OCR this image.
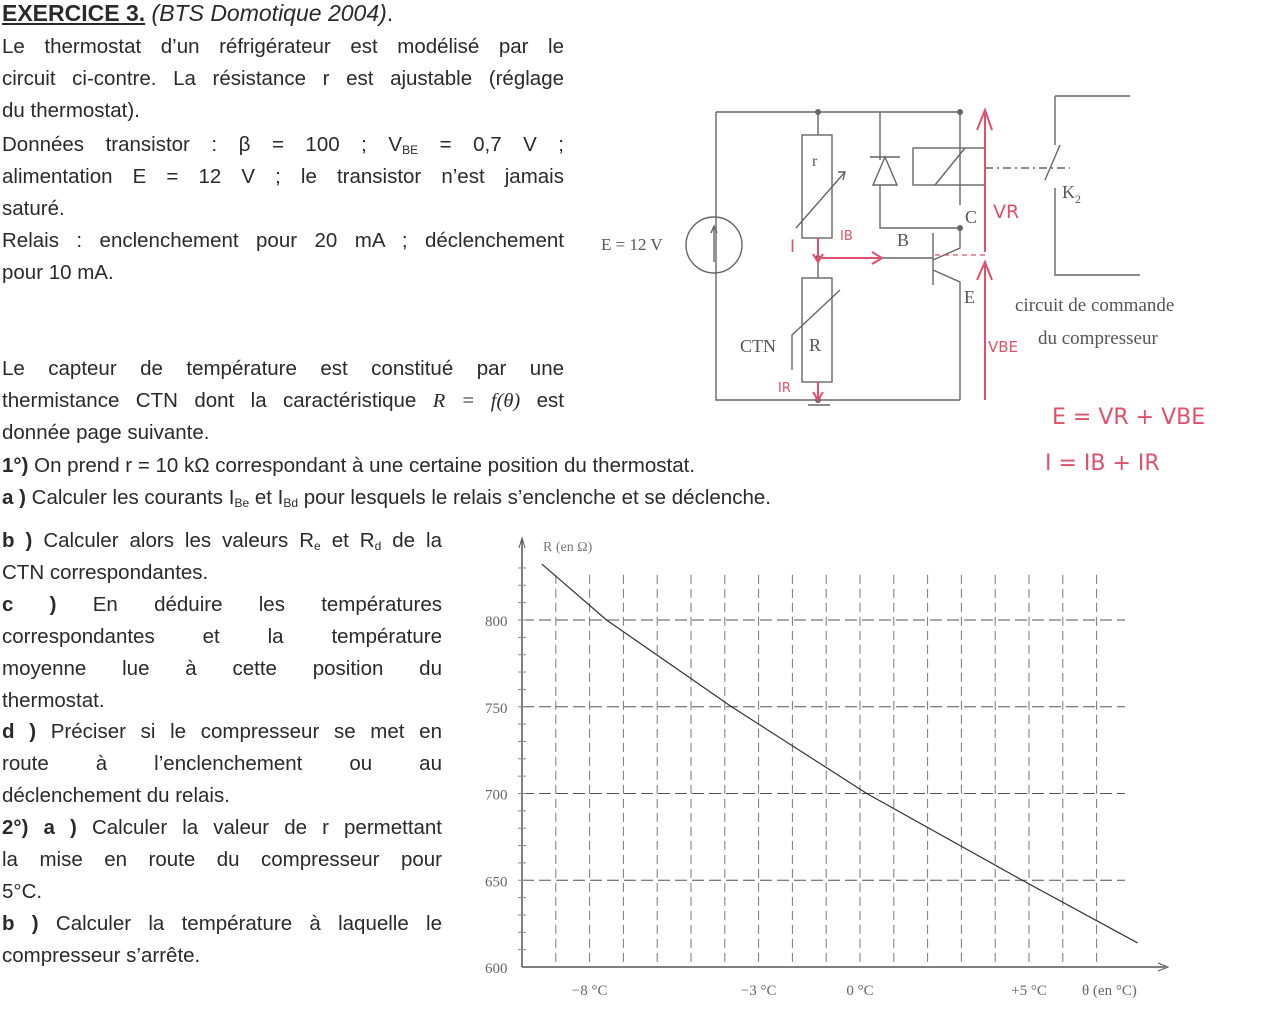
EXERCICE 3. (BTS Domotique 2004).
Le thermostat d’un réfrigérateur est modélisé par le
circuit ci-contre. La résistance r est ajustable (réglage
du thermostat).
Données transistor : β = 100 ; $V_{BE} = 0,7$ V ;
alimentation E = 12 V ; le transistor n’est jamais
saturé.
Relais : enclenchement pour 20 mA ; déclenchement
pour 10 mA.
Le capteur de température est constitué par une
thermistance CTN dont la caractéristique R = f(θ) est
donnée page suivante.
1°) On prend r = 10 kΩ correspondant à une certaine position du thermostat.
a ) Calculer les courants $I_{Be}$ et $I_{Bd}$ pour lesquels le relais s’enclenche et se déclenche.
b ) Calculer alors les valeurs $R_e$ et $R_d$ de la
CTN correspondantes.
c ) En déduire les températures
correspondantes et la température
moyenne lue à cette position du
thermostat.
d ) Préciser si le compresseur se met en
route à l’enclenchement ou au
déclenchement du relais.
2°) a ) Calculer la valeur de r permettant
la mise en route du compresseur pour
5°C.
b ) Calculer la température à laquelle le
compresseur s’arrête.
E = 12 V
r
R
CTN
B
C
E
$K_2$
circuit de commande
du compresseur
I
IB
IR
VR
VBE
E = VR + VBE
I = IB + IR
600
650
700
750
800
−8 °C	−3 °C	0 °C	+5 °C θ (en °C)
R (en Ω)
